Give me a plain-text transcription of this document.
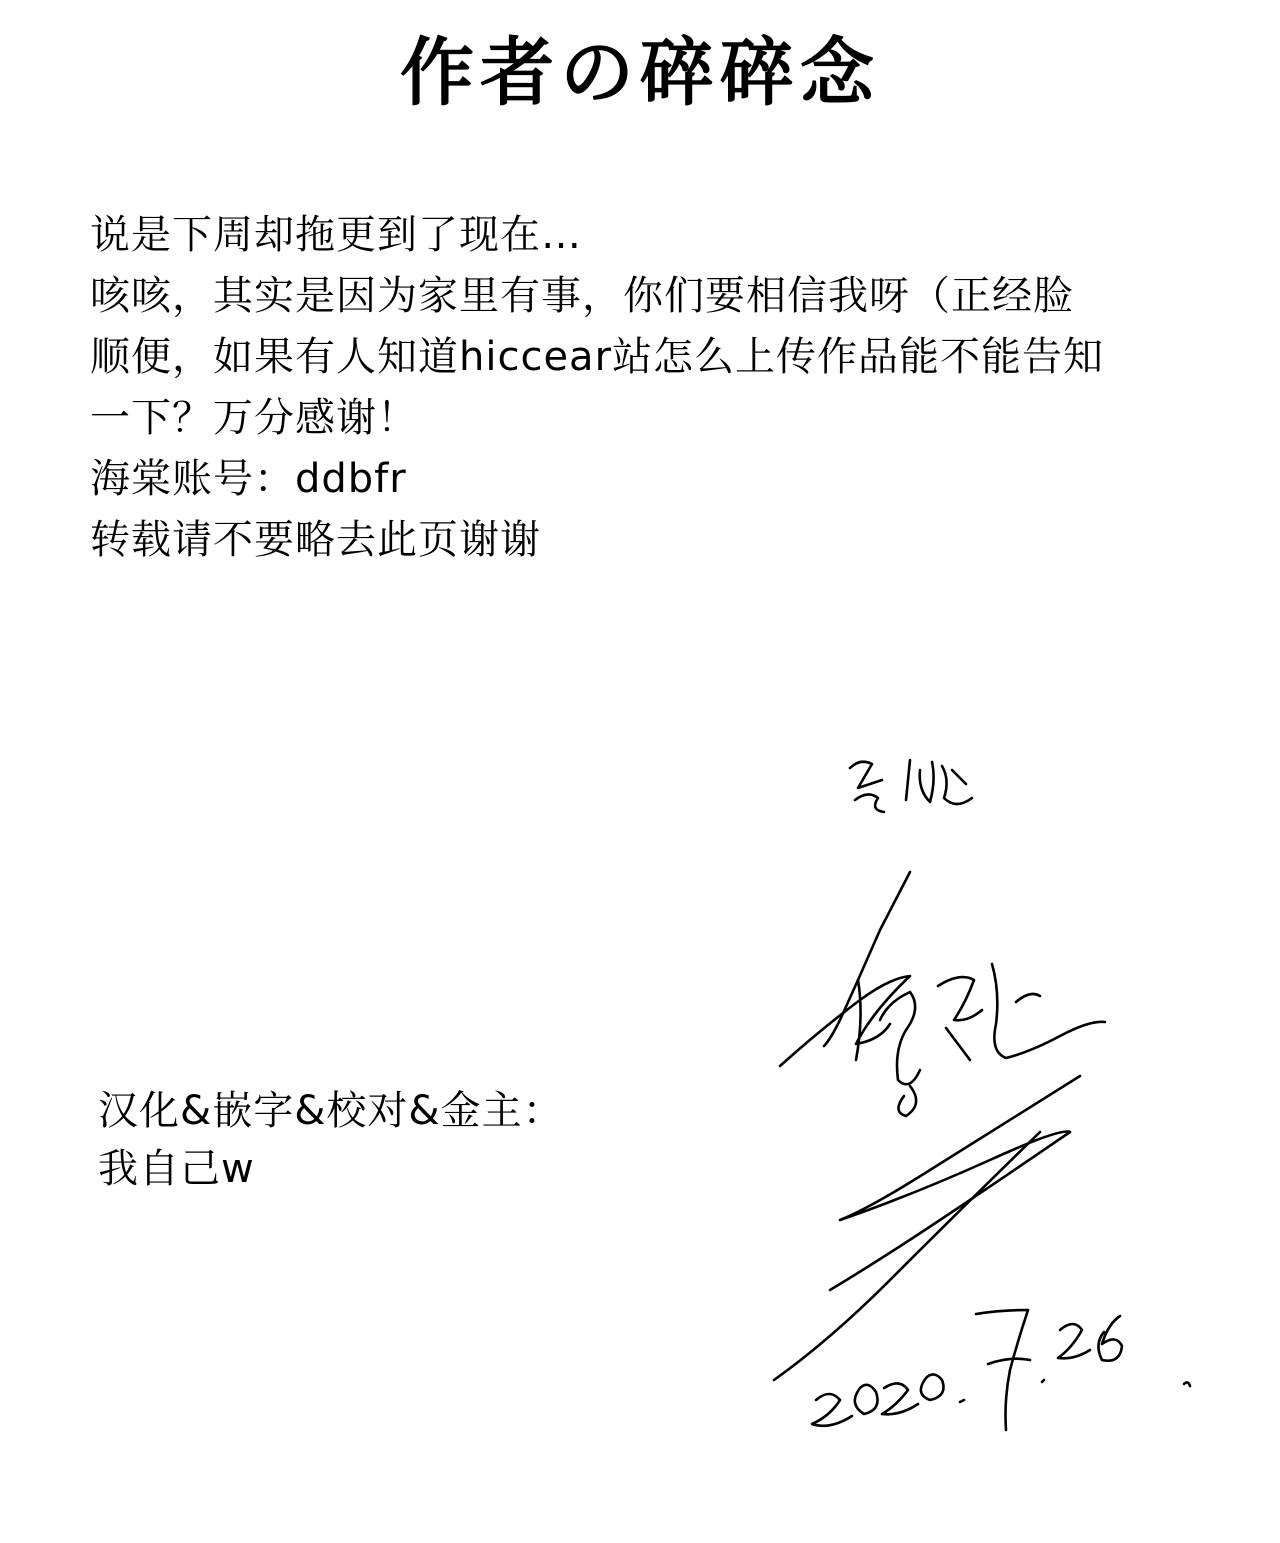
作者の碎碎念
说是下周却拖更到了现在…
咳咳，其实是因为家里有事，你们要相信我呀（正经脸
顺便，如果有人知道hiccear站怎么上传作品能不能告知
一下？万分感谢！
海棠账号：ddbfr
转载请不要略去此页谢谢
汉化&嵌字&校对&金主：
我自己w
